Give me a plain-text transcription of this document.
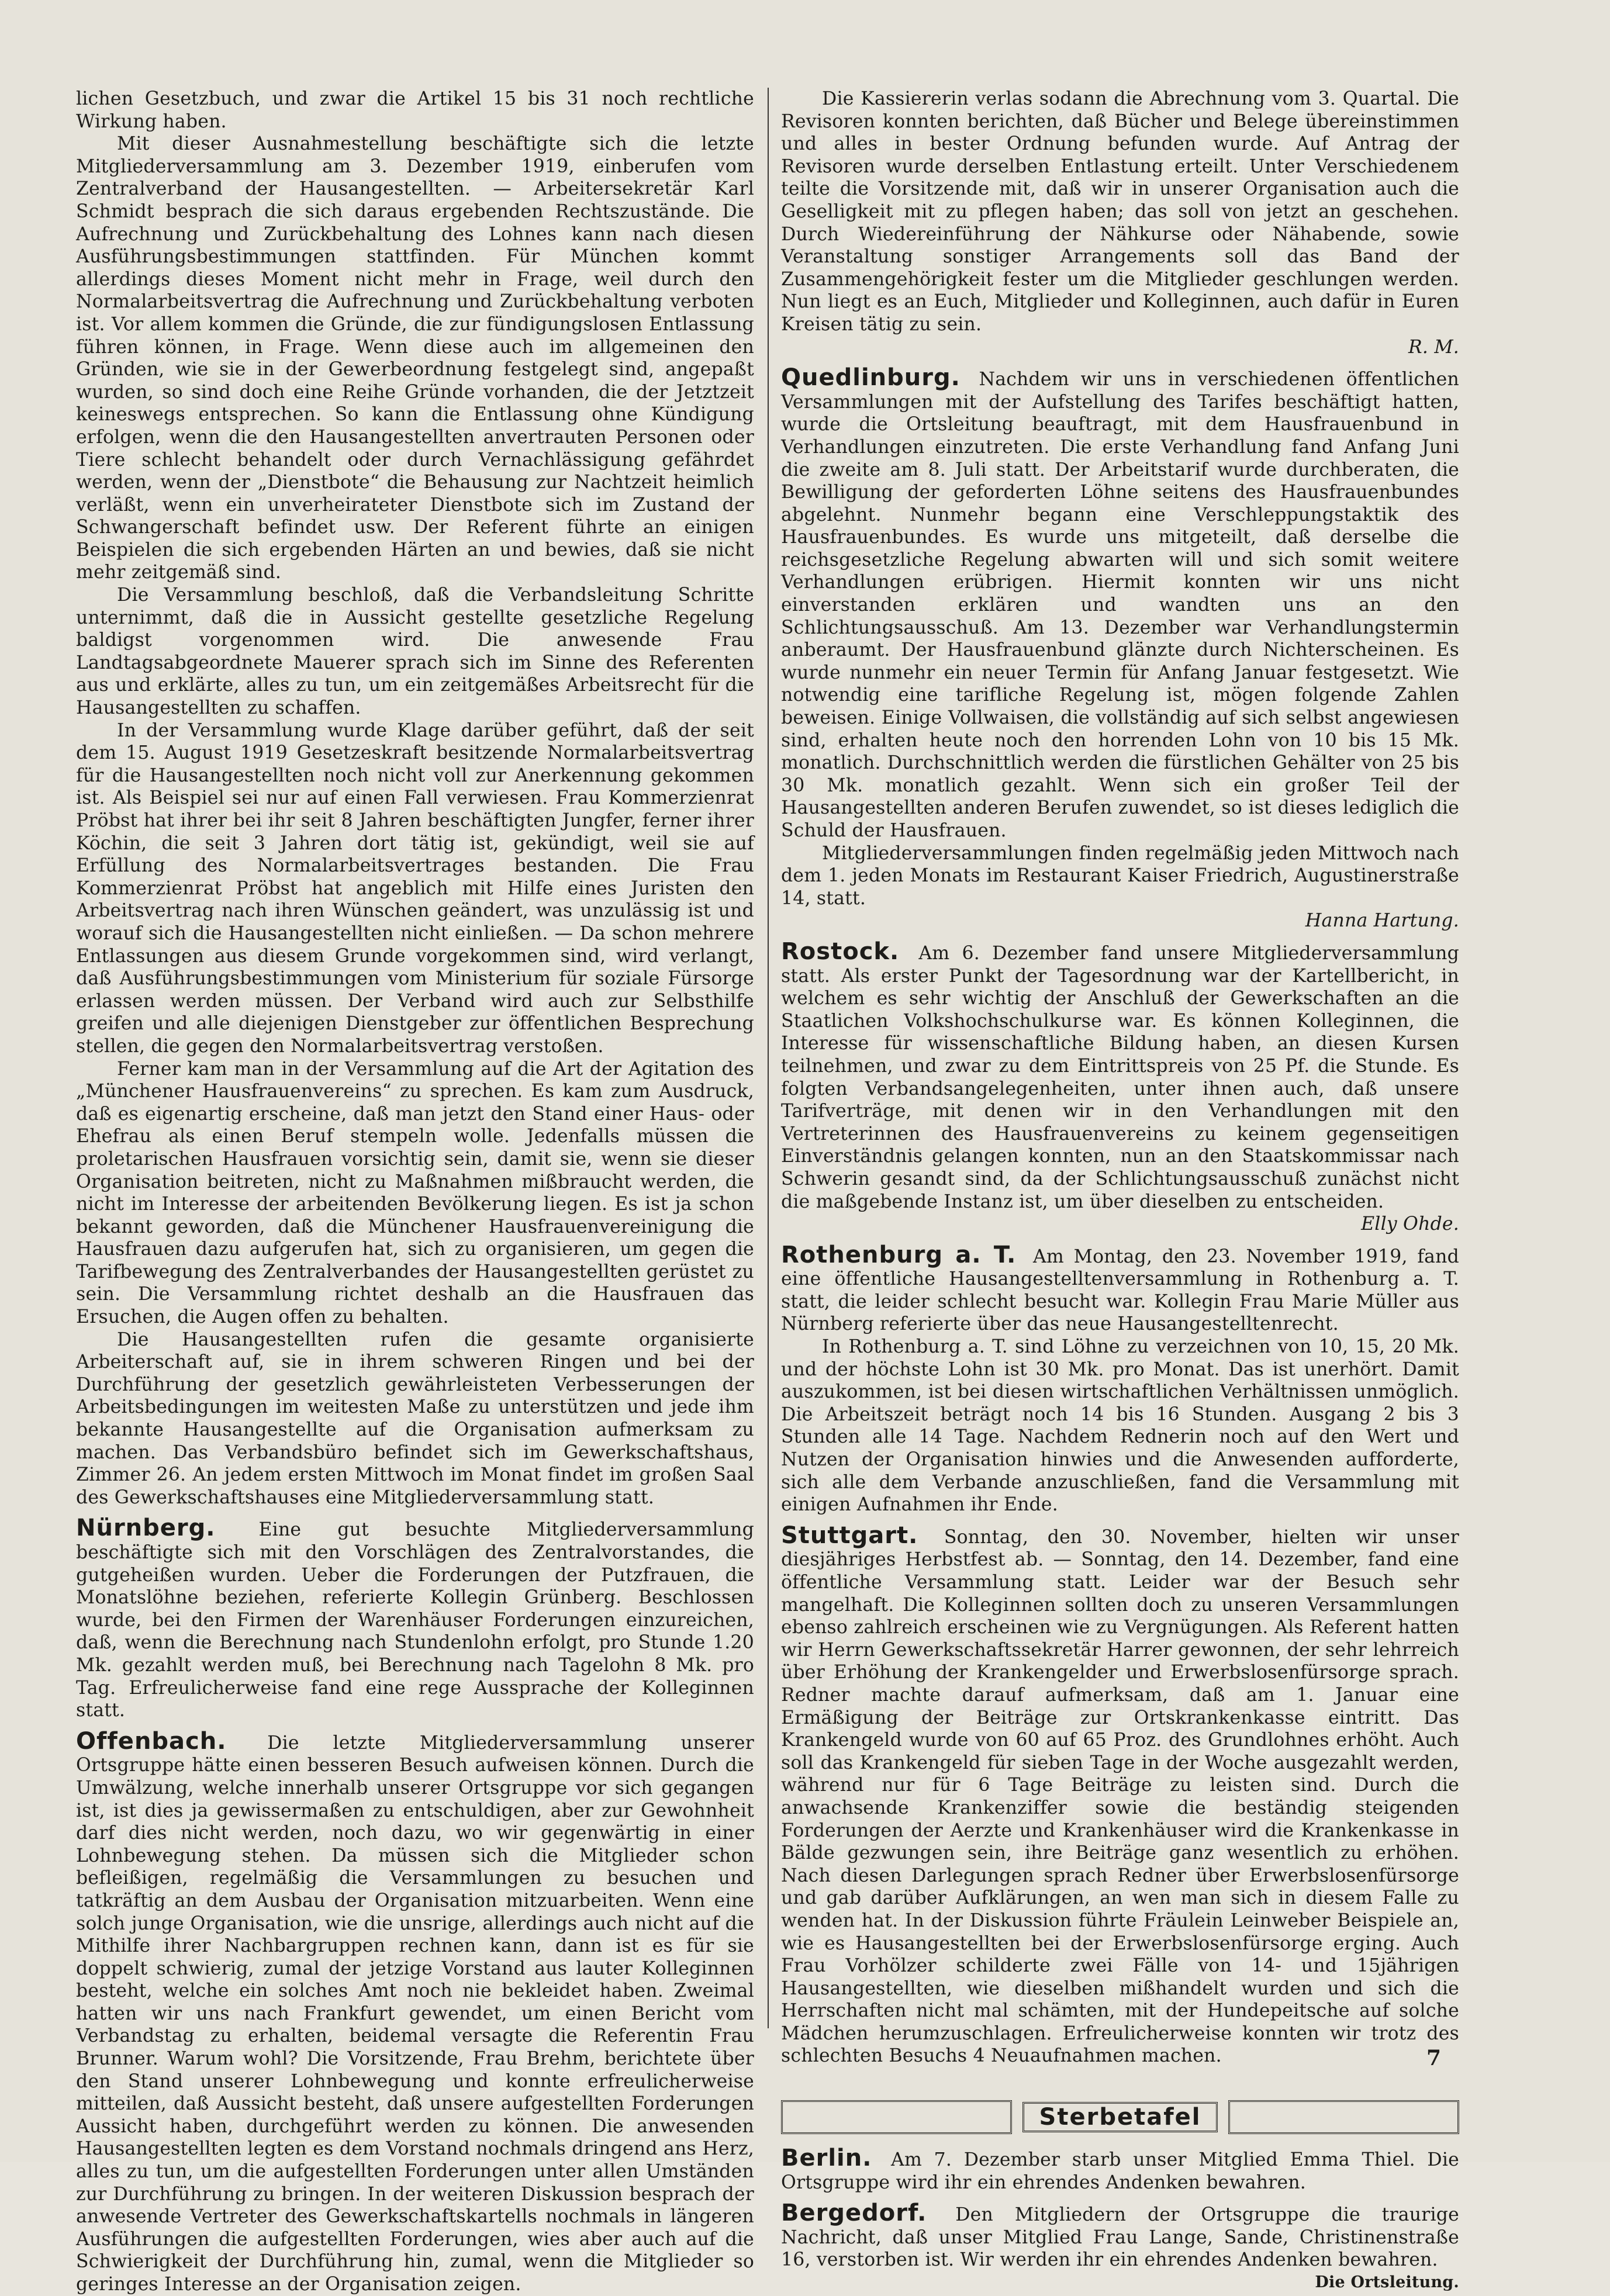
lichen Gesetzbuch, und zwar die Artikel 15 bis 31 noch rechtliche Wirkung haben.

Mit dieser Ausnahmestellung beschäftigte sich die letzte Mitgliederversammlung am 3. Dezember 1919, einberufen vom Zentralverband der Hausangestellten. — Arbeitersekretär Karl Schmidt besprach die sich daraus ergebenden Rechtszustände. Die Aufrechnung und Zurückbehaltung des Lohnes kann nach diesen Ausführungsbestimmungen stattfinden. Für München kommt allerdings dieses Moment nicht mehr in Frage, weil durch den Normalarbeitsvertrag die Aufrechnung und Zurückbehaltung verboten ist. Vor allem kommen die Gründe, die zur fündigungslosen Entlassung führen können, in Frage. Wenn diese auch im allgemeinen den Gründen, wie sie in der Gewerbeordnung festgelegt sind, angepaßt wurden, so sind doch eine Reihe Gründe vorhanden, die der Jetztzeit keineswegs entsprechen. So kann die Entlassung ohne Kündigung erfolgen, wenn die den Hausangestellten anvertrauten Personen oder Tiere schlecht behandelt oder durch Vernachlässigung gefährdet werden, wenn der „Dienstbote“ die Behausung zur Nachtzeit heimlich verläßt, wenn ein unverheirateter Dienstbote sich im Zustand der Schwangerschaft befindet usw. Der Referent führte an einigen Beispielen die sich ergebenden Härten an und bewies, daß sie nicht mehr zeitgemäß sind.

Die Versammlung beschloß, daß die Verbandsleitung Schritte unternimmt, daß die in Aussicht gestellte gesetzliche Regelung baldigst vorgenommen wird. Die anwesende Frau Landtagsabgeordnete Mauerer sprach sich im Sinne des Referenten aus und erklärte, alles zu tun, um ein zeitgemäßes Arbeitsrecht für die Hausangestellten zu schaffen.

In der Versammlung wurde Klage darüber geführt, daß der seit dem 15. August 1919 Gesetzeskraft besitzende Normalarbeitsvertrag für die Hausangestellten noch nicht voll zur Anerkennung gekommen ist. Als Beispiel sei nur auf einen Fall verwiesen. Frau Kommerzienrat Pröbst hat ihrer bei ihr seit 8 Jahren beschäftigten Jungfer, ferner ihrer Köchin, die seit 3 Jahren dort tätig ist, gekündigt, weil sie auf Erfüllung des Normalarbeitsvertrages bestanden. Die Frau Kommerzienrat Pröbst hat angeblich mit Hilfe eines Juristen den Arbeitsvertrag nach ihren Wünschen geändert, was unzulässig ist und worauf sich die Hausangestellten nicht einließen. — Da schon mehrere Entlassungen aus diesem Grunde vorgekommen sind, wird verlangt, daß Ausführungsbestimmungen vom Ministerium für soziale Fürsorge erlassen werden müssen. Der Verband wird auch zur Selbsthilfe greifen und alle diejenigen Dienstgeber zur öffentlichen Besprechung stellen, die gegen den Normalarbeitsvertrag verstoßen.

Ferner kam man in der Versammlung auf die Art der Agitation des „Münchener Hausfrauenvereins“ zu sprechen. Es kam zum Ausdruck, daß es eigenartig erscheine, daß man jetzt den Stand einer Haus- oder Ehefrau als einen Beruf stempeln wolle. Jedenfalls müssen die proletarischen Hausfrauen vorsichtig sein, damit sie, wenn sie dieser Organisation beitreten, nicht zu Maßnahmen mißbraucht werden, die nicht im Interesse der arbeitenden Bevölkerung liegen. Es ist ja schon bekannt geworden, daß die Münchener Hausfrauenvereinigung die Hausfrauen dazu aufgerufen hat, sich zu organisieren, um gegen die Tarifbewegung des Zentralverbandes der Hausangestellten gerüstet zu sein. Die Versammlung richtet deshalb an die Hausfrauen das Ersuchen, die Augen offen zu behalten.

Die Hausangestellten rufen die gesamte organisierte Arbeiterschaft auf, sie in ihrem schweren Ringen und bei der Durchführung der gesetzlich gewährleisteten Verbesserungen der Arbeitsbedingungen im weitesten Maße zu unterstützen und jede ihm bekannte Hausangestellte auf die Organisation aufmerksam zu machen. Das Verbandsbüro befindet sich im Gewerkschaftshaus, Zimmer 26. An jedem ersten Mittwoch im Monat findet im großen Saal des Gewerkschaftshauses eine Mitgliederversammlung statt.

Nürnberg. Eine gut besuchte Mitgliederversammlung beschäftigte sich mit den Vorschlägen des Zentralvorstandes, die gutgeheißen wurden. Ueber die Forderungen der Putzfrauen, die Monatslöhne beziehen, referierte Kollegin Grünberg. Beschlossen wurde, bei den Firmen der Warenhäuser Forderungen einzureichen, daß, wenn die Berechnung nach Stundenlohn erfolgt, pro Stunde 1.20 Mk. gezahlt werden muß, bei Berechnung nach Tagelohn 8 Mk. pro Tag. Erfreulicherweise fand eine rege Aussprache der Kolleginnen statt.

Offenbach. Die letzte Mitgliederversammlung unserer Ortsgruppe hätte einen besseren Besuch aufweisen können. Durch die Umwälzung, welche innerhalb unserer Ortsgruppe vor sich gegangen ist, ist dies ja gewissermaßen zu entschuldigen, aber zur Gewohnheit darf dies nicht werden, noch dazu, wo wir gegenwärtig in einer Lohnbewegung stehen. Da müssen sich die Mitglieder schon befleißigen, regelmäßig die Versammlungen zu besuchen und tatkräftig an dem Ausbau der Organisation mitzuarbeiten. Wenn eine solch junge Organisation, wie die unsrige, allerdings auch nicht auf die Mithilfe ihrer Nachbargruppen rechnen kann, dann ist es für sie doppelt schwierig, zumal der jetzige Vorstand aus lauter Kolleginnen besteht, welche ein solches Amt noch nie bekleidet haben. Zweimal hatten wir uns nach Frankfurt gewendet, um einen Bericht vom Verbandstag zu erhalten, beidemal versagte die Referentin Frau Brunner. Warum wohl? Die Vorsitzende, Frau Brehm, berichtete über den Stand unserer Lohnbewegung und konnte erfreulicherweise mitteilen, daß Aussicht besteht, daß unsere aufgestellten Forderungen Aussicht haben, durchgeführt werden zu können. Die anwesenden Hausangestellten legten es dem Vorstand nochmals dringend ans Herz, alles zu tun, um die aufgestellten Forderungen unter allen Umständen zur Durchführung zu bringen. In der weiteren Diskussion besprach der anwesende Vertreter des Gewerkschaftskartells nochmals in längeren Ausführungen die aufgestellten Forderungen, wies aber auch auf die Schwierigkeit der Durchführung hin, zumal, wenn die Mitglieder so geringes Interesse an der Organisation zeigen.

Die Kassiererin verlas sodann die Abrechnung vom 3. Quartal. Die Revisoren konnten berichten, daß Bücher und Belege übereinstimmen und alles in bester Ordnung befunden wurde. Auf Antrag der Revisoren wurde derselben Entlastung erteilt. Unter Verschiedenem teilte die Vorsitzende mit, daß wir in unserer Organisation auch die Geselligkeit mit zu pflegen haben; das soll von jetzt an geschehen. Durch Wiedereinführung der Nähkurse oder Nähabende, sowie Veranstaltung sonstiger Arrangements soll das Band der Zusammengehörigkeit fester um die Mitglieder geschlungen werden. Nun liegt es an Euch, Mitglieder und Kolleginnen, auch dafür in Euren Kreisen tätig zu sein.

R. M.

Quedlinburg. Nachdem wir uns in verschiedenen öffentlichen Versammlungen mit der Aufstellung des Tarifes beschäftigt hatten, wurde die Ortsleitung beauftragt, mit dem Hausfrauenbund in Verhandlungen einzutreten. Die erste Verhandlung fand Anfang Juni die zweite am 8. Juli statt. Der Arbeitstarif wurde durchberaten, die Bewilligung der geforderten Löhne seitens des Hausfrauenbundes abgelehnt. Nunmehr begann eine Verschleppungstaktik des Hausfrauenbundes. Es wurde uns mitgeteilt, daß derselbe die reichsgesetzliche Regelung abwarten will und sich somit weitere Verhandlungen erübrigen. Hiermit konnten wir uns nicht einverstanden erklären und wandten uns an den Schlichtungsausschuß. Am 13. Dezember war Verhandlungstermin anberaumt. Der Hausfrauenbund glänzte durch Nichterscheinen. Es wurde nunmehr ein neuer Termin für Anfang Januar festgesetzt. Wie notwendig eine tarifliche Regelung ist, mögen folgende Zahlen beweisen. Einige Vollwaisen, die vollständig auf sich selbst angewiesen sind, erhalten heute noch den horrenden Lohn von 10 bis 15 Mk. monatlich. Durchschnittlich werden die fürstlichen Gehälter von 25 bis 30 Mk. monatlich gezahlt. Wenn sich ein großer Teil der Hausangestellten anderen Berufen zuwendet, so ist dieses lediglich die Schuld der Hausfrauen.

Mitgliederversammlungen finden regelmäßig jeden Mittwoch nach dem 1. jeden Monats im Restaurant Kaiser Friedrich, Augustinerstraße 14, statt.

Hanna Hartung.

Rostock. Am 6. Dezember fand unsere Mitgliederversammlung statt. Als erster Punkt der Tagesordnung war der Kartellbericht, in welchem es sehr wichtig der Anschluß der Gewerkschaften an die Staatlichen Volkshochschulkurse war. Es können Kolleginnen, die Interesse für wissenschaftliche Bildung haben, an diesen Kursen teilnehmen, und zwar zu dem Eintrittspreis von 25 Pf. die Stunde. Es folgten Verbandsangelegenheiten, unter ihnen auch, daß unsere Tarifverträge, mit denen wir in den Verhandlungen mit den Vertreterinnen des Hausfrauenvereins zu keinem gegenseitigen Einverständnis gelangen konnten, nun an den Staatskommissar nach Schwerin gesandt sind, da der Schlichtungsausschuß zunächst nicht die maßgebende Instanz ist, um über dieselben zu entscheiden.

Elly Ohde.

Rothenburg a. T. Am Montag, den 23. November 1919, fand eine öffentliche Hausangestelltenversammlung in Rothenburg a. T. statt, die leider schlecht besucht war. Kollegin Frau Marie Müller aus Nürnberg referierte über das neue Hausangestelltenrecht.

In Rothenburg a. T. sind Löhne zu verzeichnen von 10, 15, 20 Mk. und der höchste Lohn ist 30 Mk. pro Monat. Das ist unerhört. Damit auszukommen, ist bei diesen wirtschaftlichen Verhältnissen unmöglich. Die Arbeitszeit beträgt noch 14 bis 16 Stunden. Ausgang 2 bis 3 Stunden alle 14 Tage. Nachdem Rednerin noch auf den Wert und Nutzen der Organisation hinwies und die Anwesenden aufforderte, sich alle dem Verbande anzuschließen, fand die Versammlung mit einigen Aufnahmen ihr Ende.

Stuttgart. Sonntag, den 30. November, hielten wir unser diesjähriges Herbstfest ab. — Sonntag, den 14. Dezember, fand eine öffentliche Versammlung statt. Leider war der Besuch sehr mangelhaft. Die Kolleginnen sollten doch zu unseren Versammlungen ebenso zahlreich erscheinen wie zu Vergnügungen. Als Referent hatten wir Herrn Gewerkschaftssekretär Harrer gewonnen, der sehr lehrreich über Erhöhung der Krankengelder und Erwerbslosenfürsorge sprach. Redner machte darauf aufmerksam, daß am 1. Januar eine Ermäßigung der Beiträge zur Ortskrankenkasse eintritt. Das Krankengeld wurde von 60 auf 65 Proz. des Grundlohnes erhöht. Auch soll das Krankengeld für sieben Tage in der Woche ausgezahlt werden, während nur für 6 Tage Beiträge zu leisten sind. Durch die anwachsende Krankenziffer sowie die beständig steigenden Forderungen der Aerzte und Krankenhäuser wird die Krankenkasse in Bälde gezwungen sein, ihre Beiträge ganz wesentlich zu erhöhen. Nach diesen Darlegungen sprach Redner über Erwerbslosenfürsorge und gab darüber Aufklärungen, an wen man sich in diesem Falle zu wenden hat. In der Diskussion führte Fräulein Leinweber Beispiele an, wie es Hausangestellten bei der Erwerbslosenfürsorge erging. Auch Frau Vorhölzer schilderte zwei Fälle von 14- und 15jährigen Hausangestellten, wie dieselben mißhandelt wurden und sich die Herrschaften nicht mal schämten, mit der Hundepeitsche auf solche Mädchen herumzuschlagen. Erfreulicherweise konnten wir trotz des schlechten Besuchs 4 Neuaufnahmen machen.

Sterbetafel

Berlin. Am 7. Dezember starb unser Mitglied Emma Thiel. Die Ortsgruppe wird ihr ein ehrendes Andenken bewahren.

Bergedorf. Den Mitgliedern der Ortsgruppe die traurige Nachricht, daß unser Mitglied Frau Lange, Sande, Christinenstraße 16, verstorben ist. Wir werden ihr ein ehrendes Andenken bewahren.

Die Ortsleitung.
7
